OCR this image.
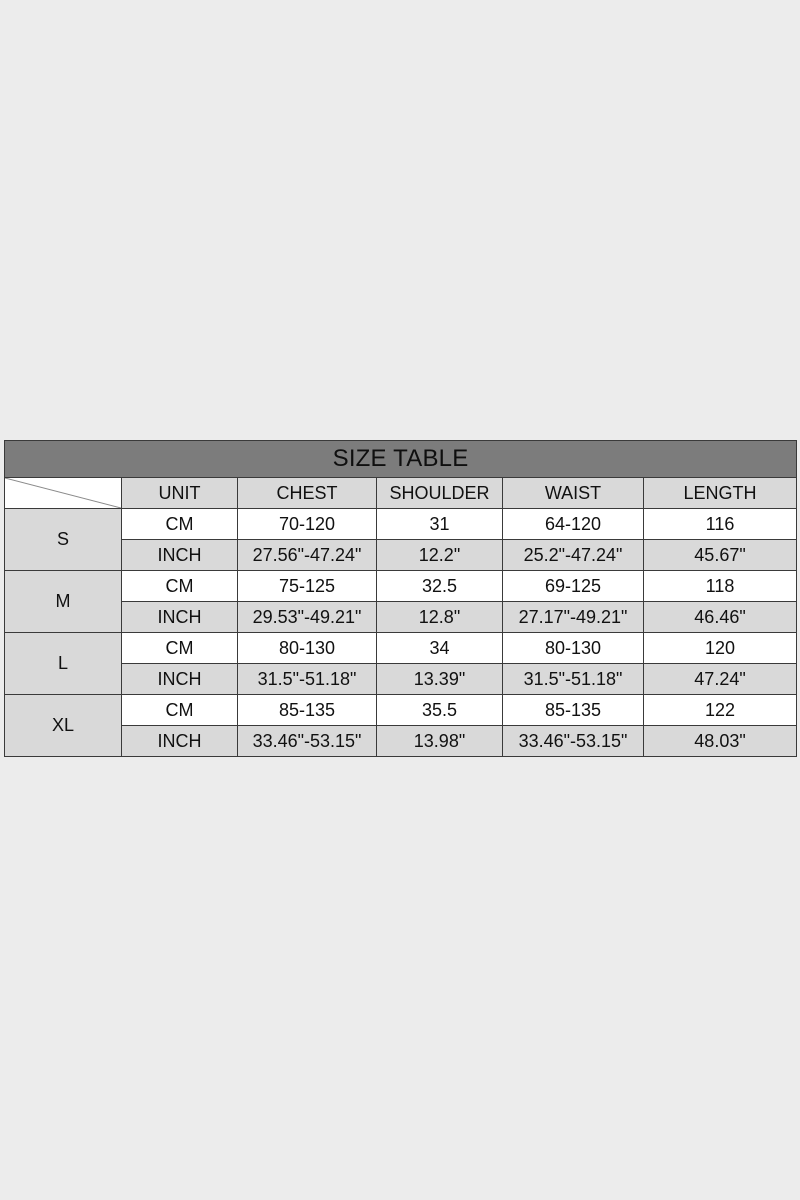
SIZE TABLE					

	UNIT	CHEST	SHOULDER	WAIST	LENGTH
S	CM	70-120	31	64-120	116
	INCH	27.56"-47.24"	12.2"	25.2"-47.24"	45.67"
M	CM	75-125	32.5	69-125	118
	INCH	29.53"-49.21"	12.8"	27.17"-49.21"	46.46"
L	CM	80-130	34	80-130	120
	INCH	31.5"-51.18"	13.39"	31.5"-51.18"	47.24"
XL	CM	85-135	35.5	85-135	122
	INCH	33.46"-53.15"	13.98"	33.46"-53.15"	48.03"
